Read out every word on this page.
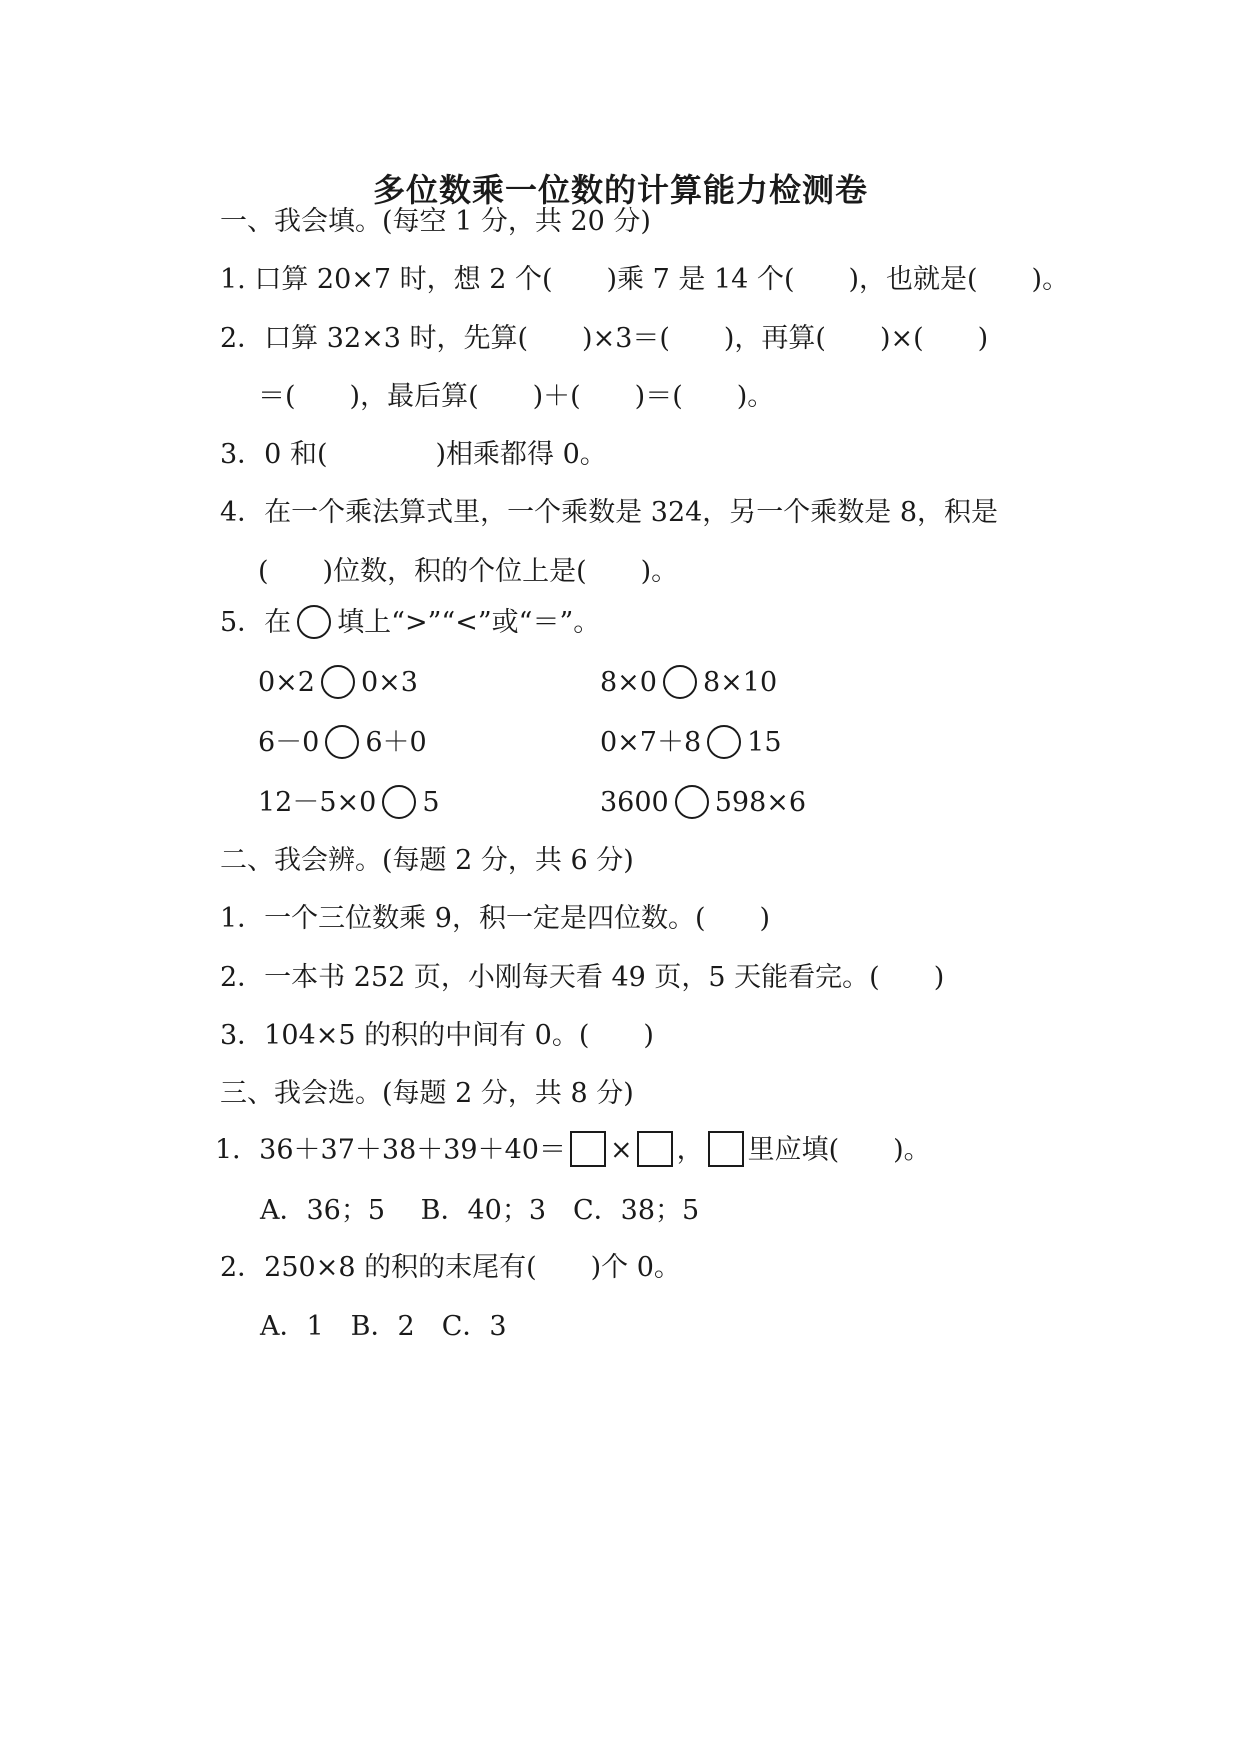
多位数乘一位数的计算能力检测卷
一、我会填。(每空 1 分，共 20 分)
1. 口算 20×7 时，想 2 个(　　)乘 7 是 14 个(　　)，也就是(　　)。
2．口算 32×3 时，先算(　　)×3＝(　　)，再算(　　)×(　　)
＝(　　)，最后算(　　)＋(　　)＝(　　)。
3．0 和(　　　　)相乘都得 0。
4．在一个乘法算式里，一个乘数是 324，另一个乘数是 8，积是
(　　)位数，积的个位上是(　　)。
5．在 填上“>”“<”或“＝”。
0×2 0×3	8×0 8×10
6－0 6＋0	0×7＋8 15
12－5×0 5	3600 598×6
二、我会辨。(每题 2 分，共 6 分)
1．一个三位数乘 9，积一定是四位数。(　　)
2．一本书 252 页，小刚每天看 49 页，5 天能看完。(　　)
3．104×5 的积的中间有 0。(　　)
三、我会选。(每题 2 分，共 8 分)
1．36＋37＋38＋39＋40＝ × ， 里应填(　　)。
A．36；5　 B．40；3　C．38；5
2．250×8 的积的末尾有(　　)个 0。
A．1　B．2　C．3
